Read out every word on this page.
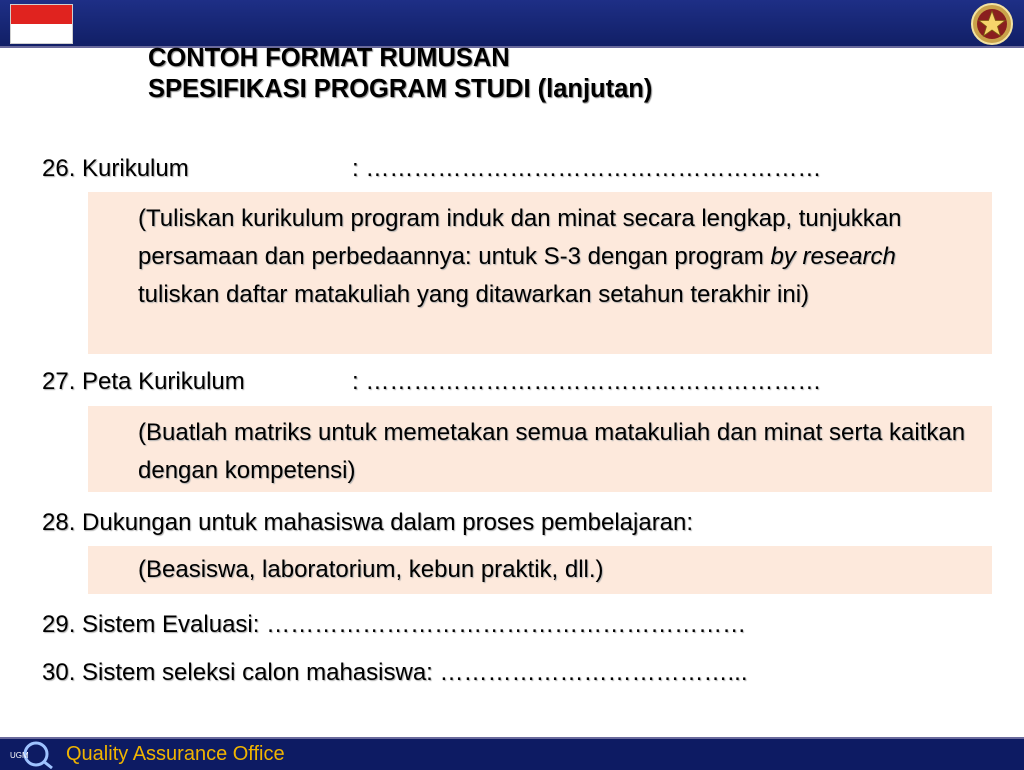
CONTOH FORMAT RUMUSAN
SPESIFIKASI PROGRAM STUDI (lanjutan)
26. Kurikulum	: …………………………………………………
(Tuliskan kurikulum program induk dan minat secara lengkap, tunjukkan persamaan dan perbedaannya: untuk S-3 dengan program by research tuliskan daftar matakuliah yang ditawarkan setahun terakhir ini)
27. Peta Kurikulum	: …………………………………………………
(Buatlah matriks untuk memetakan semua matakuliah dan minat serta kaitkan dengan kompetensi)
28. Dukungan untuk mahasiswa dalam proses pembelajaran:
(Beasiswa, laboratorium, kebun praktik, dll.)
29. Sistem Evaluasi: ……………………………………………………
30. Sistem seleksi calon mahasiswa: ………………………………...
UGM Quality Assurance Office
